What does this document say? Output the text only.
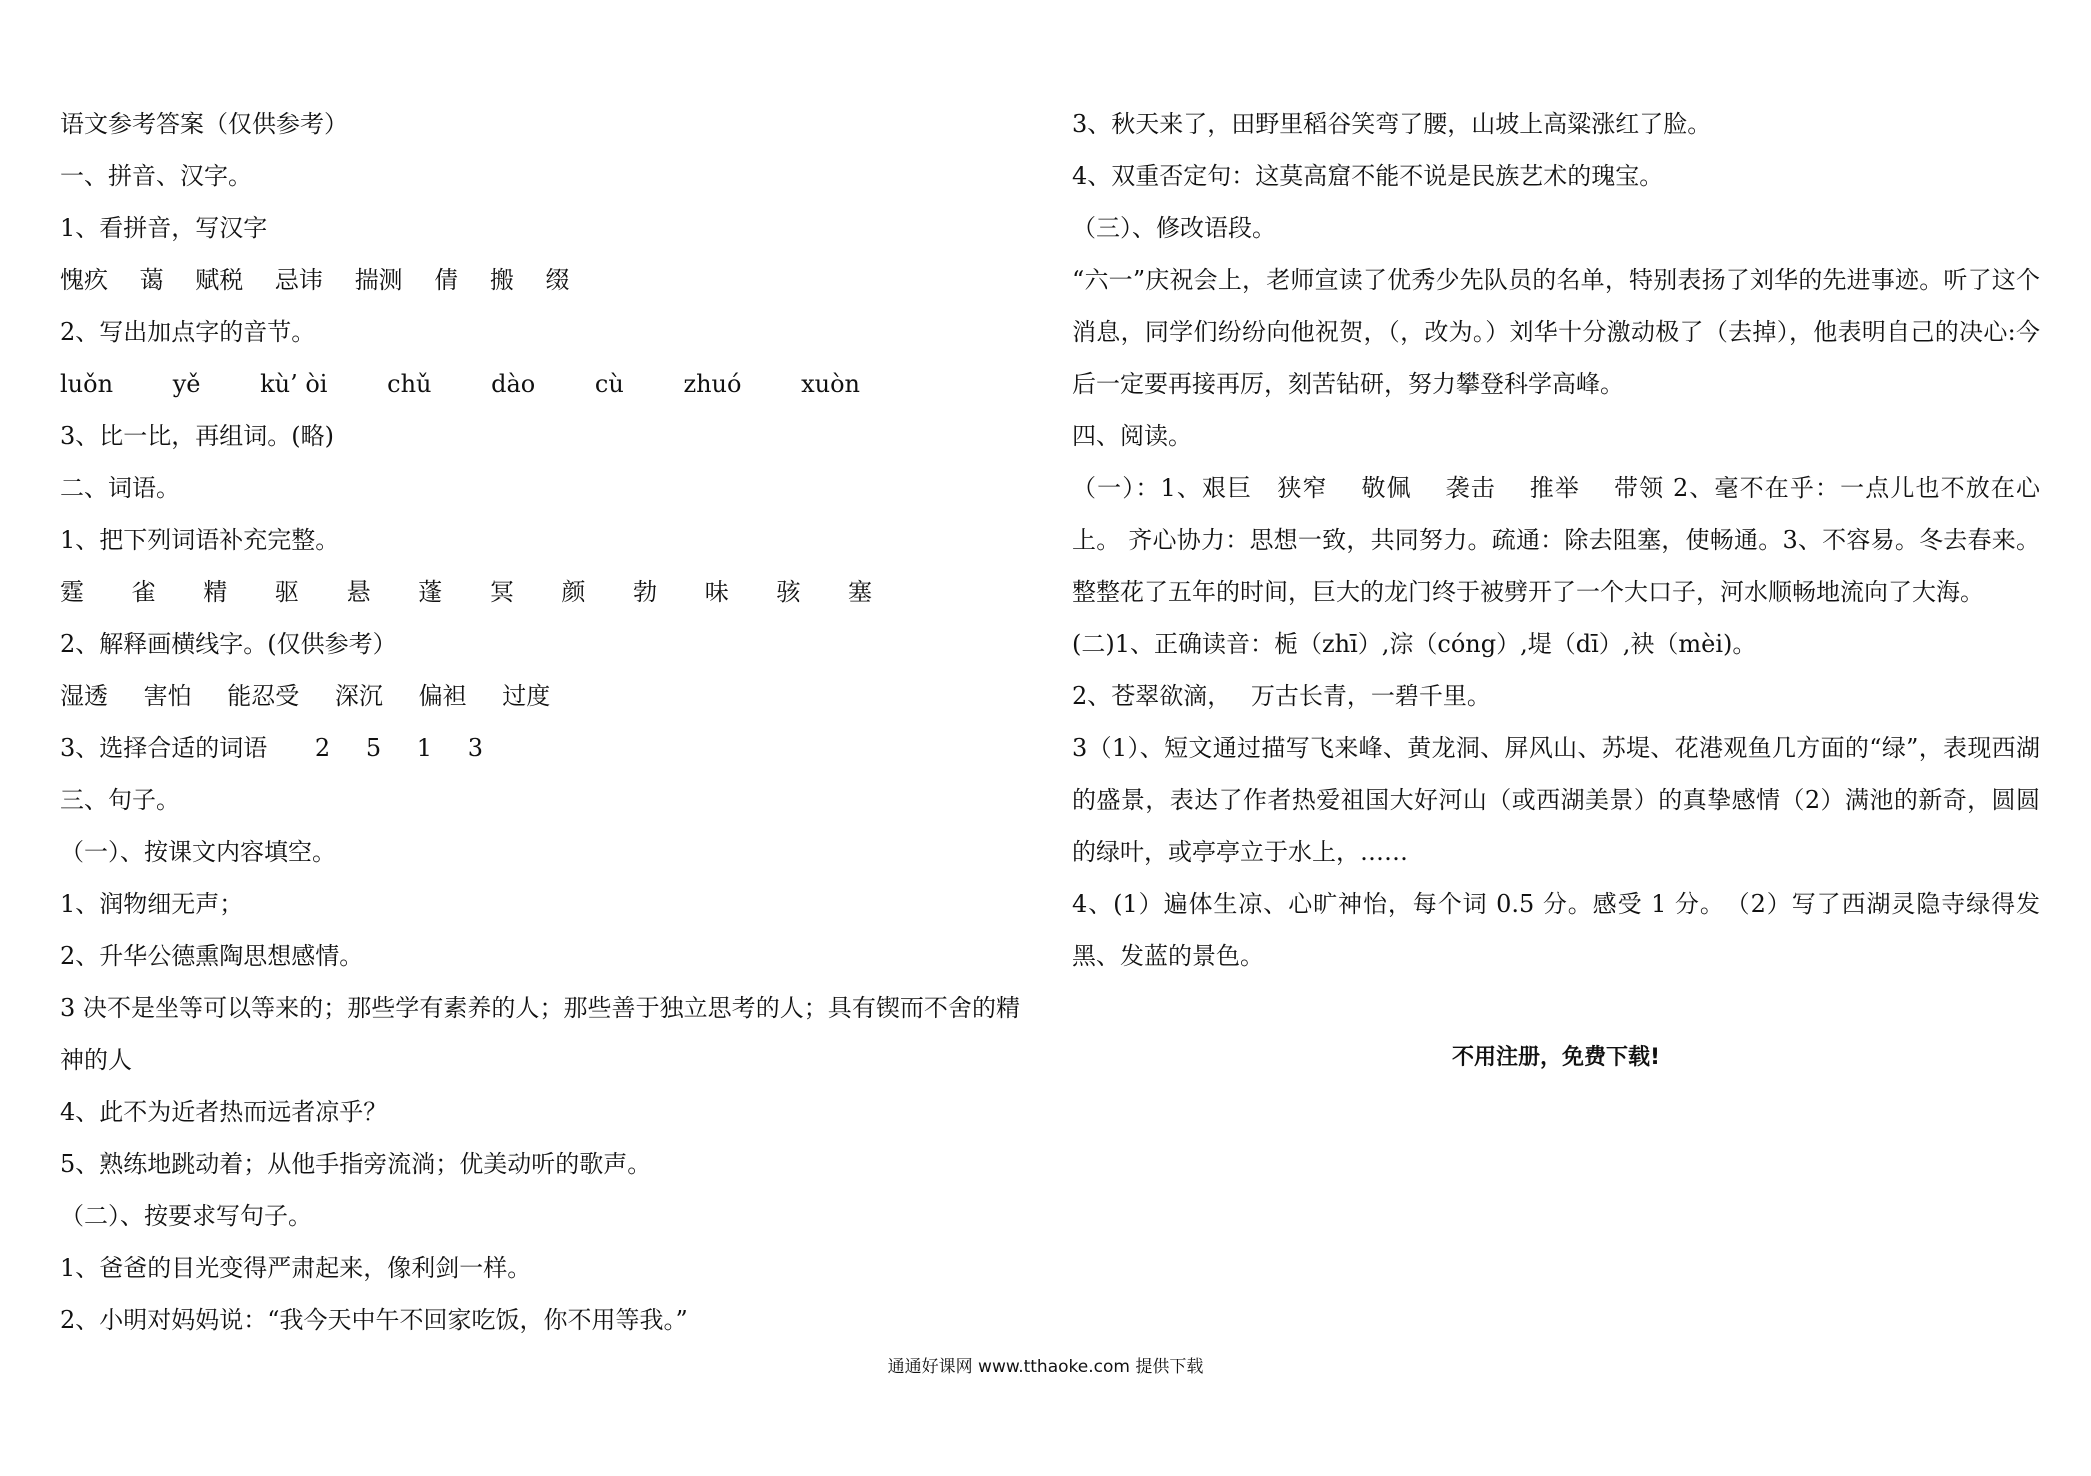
语文参考答案（仅供参考）
一、拼音、汉字。
1、看拼音，写汉字
愧疚 蔼 赋税 忌讳 揣测 倩 搬 缀
2、写出加点字的音节。
luǒn yě kù’ òi chǔ dào cù zhuó xuòn
3、比一比，再组词。(略)
二、词语。
1、把下列词语补充完整。
霆 雀 精 驱 悬 蓬 冥 颜 勃 味 骇 塞
2、解释画横线字。(仅供参考）
湿透 害怕 能忍受 深沉 偏袒 过度
3、选择合适的词语 2 5 1 3
三、句子。
（一）、按课文内容填空。
1、润物细无声；
2、升华公德熏陶思想感情。

3 决不是坐等可以等来的；那些学有素养的人；那些善于独立思考的人；具有锲而不舍的精神的人

4、此不为近者热而远者凉乎？
5、熟练地跳动着；从他手指旁流淌；优美动听的歌声。
（二）、按要求写句子。
1、爸爸的目光变得严肃起来，像利剑一样。
2、小明对妈妈说：“我今天中午不回家吃饭，你不用等我。”
3、秋天来了，田野里稻谷笑弯了腰，山坡上高粱涨红了脸。
4、双重否定句：这莫高窟不能不说是民族艺术的瑰宝。
（三）、修改语段。

“六一”庆祝会上，老师宣读了优秀少先队员的名单，特别表扬了刘华的先进事迹。听了这个消息，同学们纷纷向他祝贺，（，改为。）刘华十分激动极了（去掉），他表明自己的决心:今后一定要再接再厉，刻苦钻研，努力攀登科学高峰。

四、阅读。

（一）：1、艰巨　狭窄　 敬佩　 袭击　 推举　 带领 2、毫不在乎：一点儿也不放在心上。 齐心协力：思想一致，共同努力。疏通：除去阻塞，使畅通。3、不容易。冬去春来。整整花了五年的时间，巨大的龙门终于被劈开了一个大口子，河水顺畅地流向了大海。

(二)1、正确读音：栀（zhī）,淙（cóng）,堤（dī）,袂（mèi)。
2、苍翠欲滴，　 万古长青，一碧千里。

3（1）、短文通过描写飞来峰、黄龙洞、屏风山、苏堤、花港观鱼几方面的“绿”，表现西湖的盛景，表达了作者热爱祖国大好河山（或西湖美景）的真挚感情（2）满池的新奇，圆圆的绿叶，或亭亭立于水上，……

4、(1）遍体生凉、心旷神怡，每个词 0.5 分。感受 1 分。　（2）写了西湖灵隐寺绿得发黑、发蓝的景色。

不用注册，免费下载!
通通好课网 www.tthaoke.com 提供下载
